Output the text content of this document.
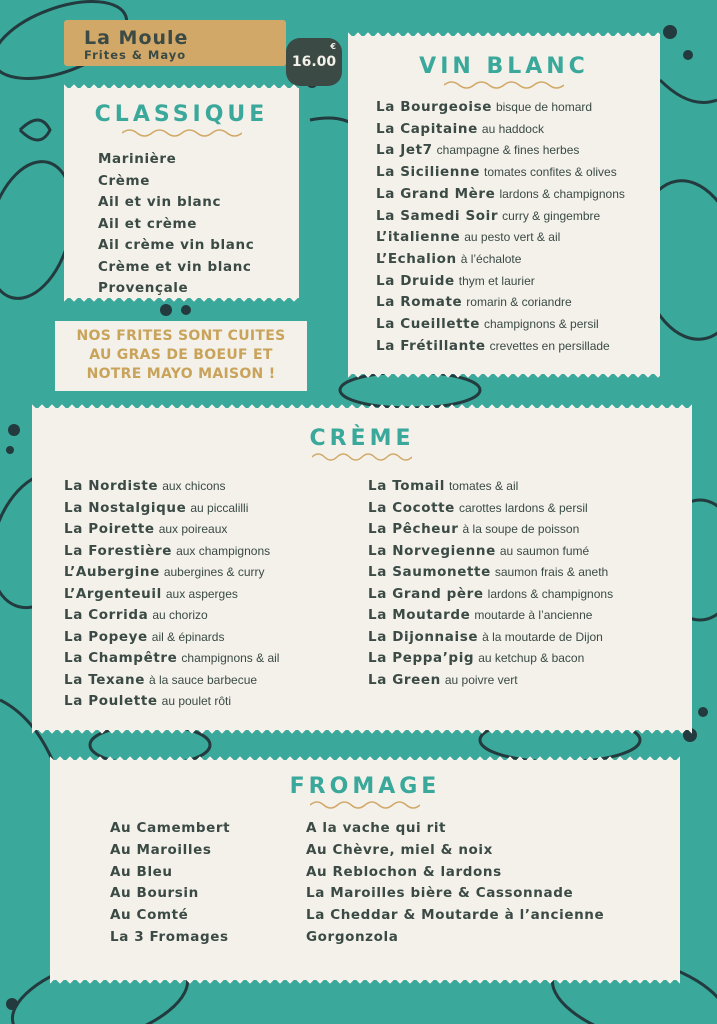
La Moule
Frites & Mayo	16.00
€
CLASSIQUE
Marinière
Crème
Ail et vin blanc
Ail et crème
Ail crème vin blanc
Crème et vin blanc
Provençale
NOS FRITES SONT CUITES
AU GRAS DE BOEUF ET
NOTRE MAYO MAISON !
VIN BLANC
La Bourgeoise bisque de homard
La Capitaine au haddock
La Jet7 champagne & fines herbes
La Sicilienne tomates confites & olives
La Grand Mère lardons & champignons
La Samedi Soir curry & gingembre
L’italienne au pesto vert & ail
L’Echalion à l’échalote
La Druide thym et laurier
La Romate romarin & coriandre
La Cueillette champignons & persil
La Frétillante crevettes en persillade
CRÈME
La Nordiste aux chicons
La Nostalgique au piccalilli
La Poirette aux poireaux
La Forestière aux champignons
L’Aubergine aubergines & curry
L’Argenteuil aux asperges
La Corrida au chorizo
La Popeye ail & épinards
La Champêtre champignons & ail
La Texane à la sauce barbecue
La Poulette au poulet rôti
La Tomail tomates & ail
La Cocotte carottes lardons & persil
La Pêcheur à la soupe de poisson
La Norvegienne au saumon fumé
La Saumonette saumon frais & aneth
La Grand père lardons & champignons
La Moutarde moutarde à l’ancienne
La Dijonnaise à la moutarde de Dijon
La Peppa’pig au ketchup & bacon
La Green au poivre vert
FROMAGE
Au Camembert
Au Maroilles
Au Bleu
Au Boursin
Au Comté
La 3 Fromages
A la vache qui rit
Au Chèvre, miel & noix
Au Reblochon & lardons
La Maroilles bière & Cassonnade
La Cheddar & Moutarde à l’ancienne
Gorgonzola
